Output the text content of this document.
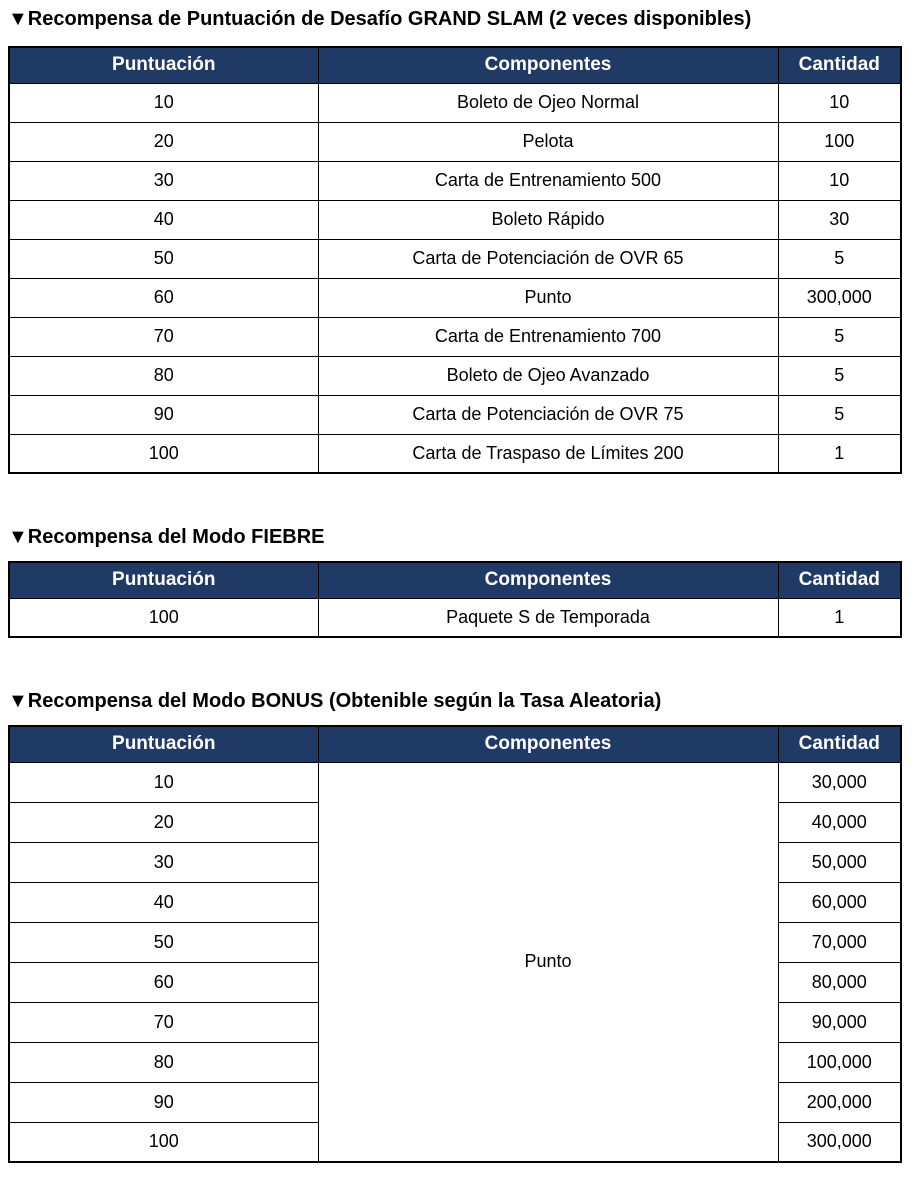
▼Recompensa de Puntuación de Desafío GRAND SLAM (2 veces disponibles)
Puntuación	Componentes	Cantidad
10	Boleto de Ojeo Normal	10
20	Pelota	100
30	Carta de Entrenamiento 500	10
40	Boleto Rápido	30
50	Carta de Potenciación de OVR 65	5
60	Punto	300,000
70	Carta de Entrenamiento 700	5
80	Boleto de Ojeo Avanzado	5
90	Carta de Potenciación de OVR 75	5
100	Carta de Traspaso de Límites 200	1
▼Recompensa del Modo FIEBRE
Puntuación	Componentes	Cantidad
100	Paquete S de Temporada	1
▼Recompensa del Modo BONUS (Obtenible según la Tasa Aleatoria)
Puntuación	Componentes	Cantidad
10	Punto	30,000
20		40,000
30		50,000
40		60,000
50		70,000
60		80,000
70		90,000
80		100,000
90		200,000
100		300,000
